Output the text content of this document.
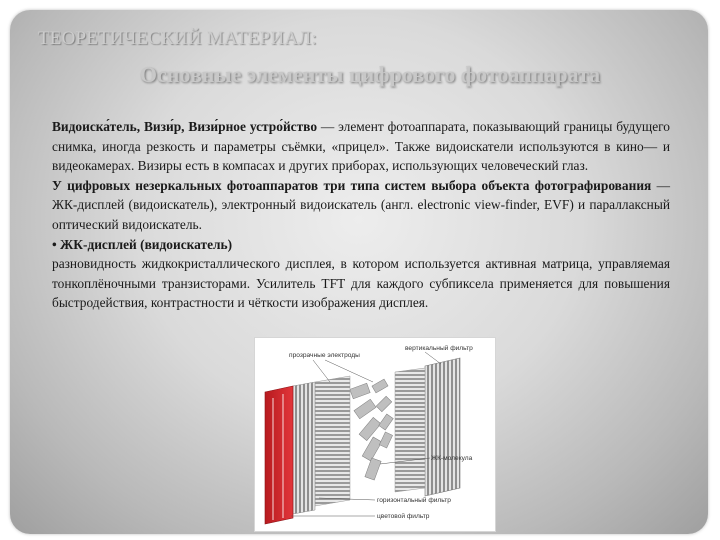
ТЕОРЕТИЧЕСКИЙ МАТЕРИАЛ:
Основные элементы цифрового фотоаппарата

Видоиска́тель, Визи́р, Визи́рное устро́йство — элемент фотоаппарата, показывающий границы будущего снимка, иногда резкость и параметры съёмки, «прицел». Также видоискатели используются в кино— и видеокамерах. Визиры есть в компасах и других приборах, использующих человеческий глаз.

У цифровых незеркальных фотоаппаратов три типа систем выбора объекта фотографирования — ЖК-дисплей (видоискатель), электронный видоискатель (англ. electronic view-finder, EVF) и параллаксный оптический видоискатель.

• ЖК-дисплей (видоискатель)

разновидность жидкокристаллического дисплея, в котором используется активная матрица, управляемая тонкоплёночными транзисторами. Усилитель TFT для каждого субпиксела применяется для повышения быстродействия, контрастности и чёткости изображения дисплея.

прозрачные электроды
вертикальный фильтр
ЖК-молекула
горизонтальный фильтр
цветовой фильтр
